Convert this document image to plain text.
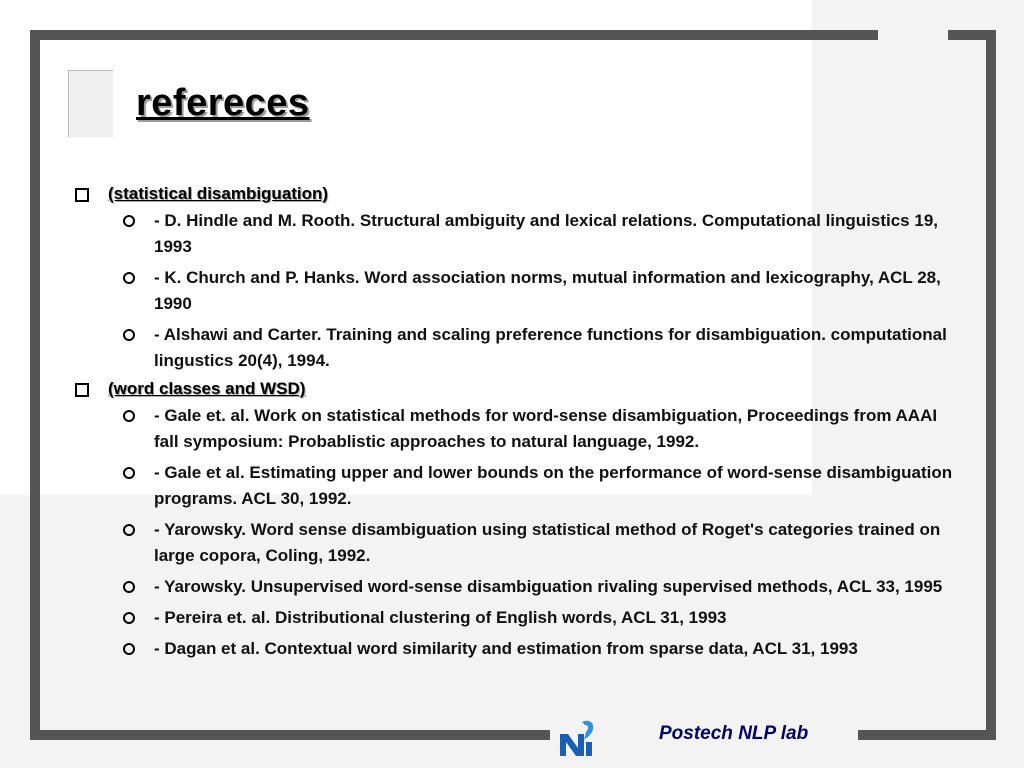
refereces
(statistical disambiguation)
- D. Hindle and M. Rooth. Structural ambiguity and lexical relations. Computational linguistics 19, 1993
- K. Church and P. Hanks. Word association norms, mutual information and lexicography, ACL 28, 1990
- Alshawi and Carter. Training and scaling preference functions for disambiguation. computational lingustics 20(4), 1994.
(word classes and WSD)
- Gale et. al. Work on statistical methods for word-sense disambiguation, Proceedings from AAAI fall symposium: Probablistic approaches to natural language, 1992.
- Gale et al. Estimating upper and lower bounds on the performance of word-sense disambiguation programs. ACL 30, 1992.
- Yarowsky. Word sense disambiguation using statistical method of Roget's categories trained on large copora, Coling, 1992.
- Yarowsky. Unsupervised word-sense disambiguation rivaling supervised methods, ACL 33, 1995
- Pereira et. al. Distributional clustering of English words, ACL 31, 1993
- Dagan et al. Contextual word similarity and estimation from sparse data, ACL 31, 1993
Postech NLP lab
